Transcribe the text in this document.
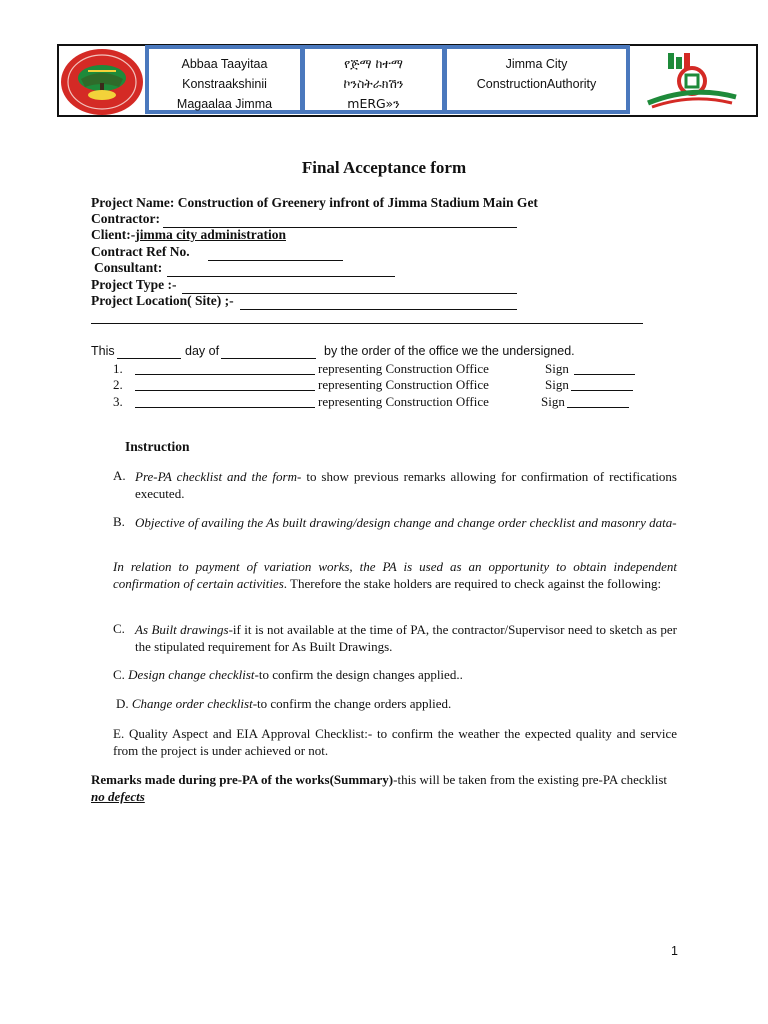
Abbaa Taayitaa
Konstraakshinii
Magaalaa Jimma
የጅማ ከተማ
ኮንስትራክሽን
mERG»ን
Jimma City
ConstructionAuthority
Final Acceptance form
Project Name: Construction of Greenery infront of Jimma Stadium Main Get
Contractor:
Client:-jimma city administration
Contract Ref No.
Consultant:
Project Type :-
Project Location( Site) ;-
This	day of	by the order of the office we the undersigned.
1.	representing Construction Office	Sign
2.	representing Construction Office	Sign
3.	representing Construction Office	Sign
Instruction
A. Pre-PA checklist and the form- to show previous remarks allowing for confirmation of rectifications executed.
B. Objective of availing the As built drawing/design change and change order checklist and masonry data-
In relation to payment of variation works, the PA is used as an opportunity to obtain independent confirmation of certain activities. Therefore the stake holders are required to check against the following:
C. As Built drawings-if it is not available at the time of PA, the contractor/Supervisor need to sketch as per the stipulated requirement for As Built Drawings.
C. Design change checklist-to confirm the design changes applied..
D. Change order checklist-to confirm the change orders applied.
E. Quality Aspect and EIA Approval Checklist:- to confirm the weather the expected quality and service from the project is under achieved or not.
Remarks made during pre-PA of the works(Summary)-this will be taken from the existing pre-PA checklist no defects
1
